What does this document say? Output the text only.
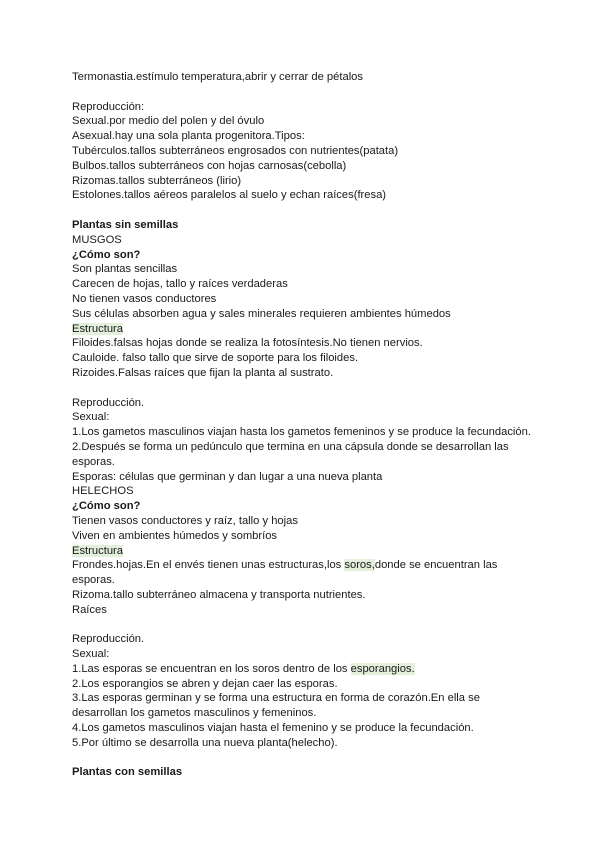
Termonastia.estímulo temperatura,abrir y cerrar de pétalos
Reproducción:
Sexual.por medio del polen y del óvulo
Asexual.hay una sola planta progenitora.Tipos:
Tubérculos.tallos subterráneos engrosados con nutrientes(patata)
Bulbos.tallos subterráneos con hojas carnosas(cebolla)
Rizomas.tallos subterráneos (lirio)
Estolones.tallos aéreos paralelos al suelo y echan raíces(fresa)
Plantas sin semillas
MUSGOS
¿Cómo son?
Son plantas sencillas
Carecen de hojas, tallo y raíces verdaderas
No tienen vasos conductores
Sus células absorben agua y sales minerales requieren ambientes húmedos
Estructura
Filoides.falsas hojas donde se realiza la fotosíntesis.No tienen nervios.
Cauloide. falso tallo que sirve de soporte para los filoides.
Rizoides.Falsas raíces que fijan la planta al sustrato.
Reproducción.
Sexual:
1.Los gametos masculinos viajan hasta los gametos femeninos y se produce la fecundación.
2.Después se forma un pedúnculo que termina en una cápsula donde se desarrollan las
esporas.
Esporas: células que germinan y dan lugar a una nueva planta
HELECHOS
¿Cómo son?
Tienen vasos conductores y raíz, tallo y hojas
Viven en ambientes húmedos y sombríos
Estructura
Frondes.hojas.En el envés tienen unas estructuras,los soros,donde se encuentran las
esporas.
Rizoma.tallo subterráneo almacena y transporta nutrientes.
Raíces
Reproducción.
Sexual:
1.Las esporas se encuentran en los soros dentro de los esporangios.
2.Los esporangios se abren y dejan caer las esporas.
3.Las esporas germinan y se forma una estructura en forma de corazón.En ella se
desarrollan los gametos masculinos y femeninos.
4.Los gametos masculinos viajan hasta el femenino y se produce la fecundación.
5.Por último se desarrolla una nueva planta(helecho).
Plantas con semillas
